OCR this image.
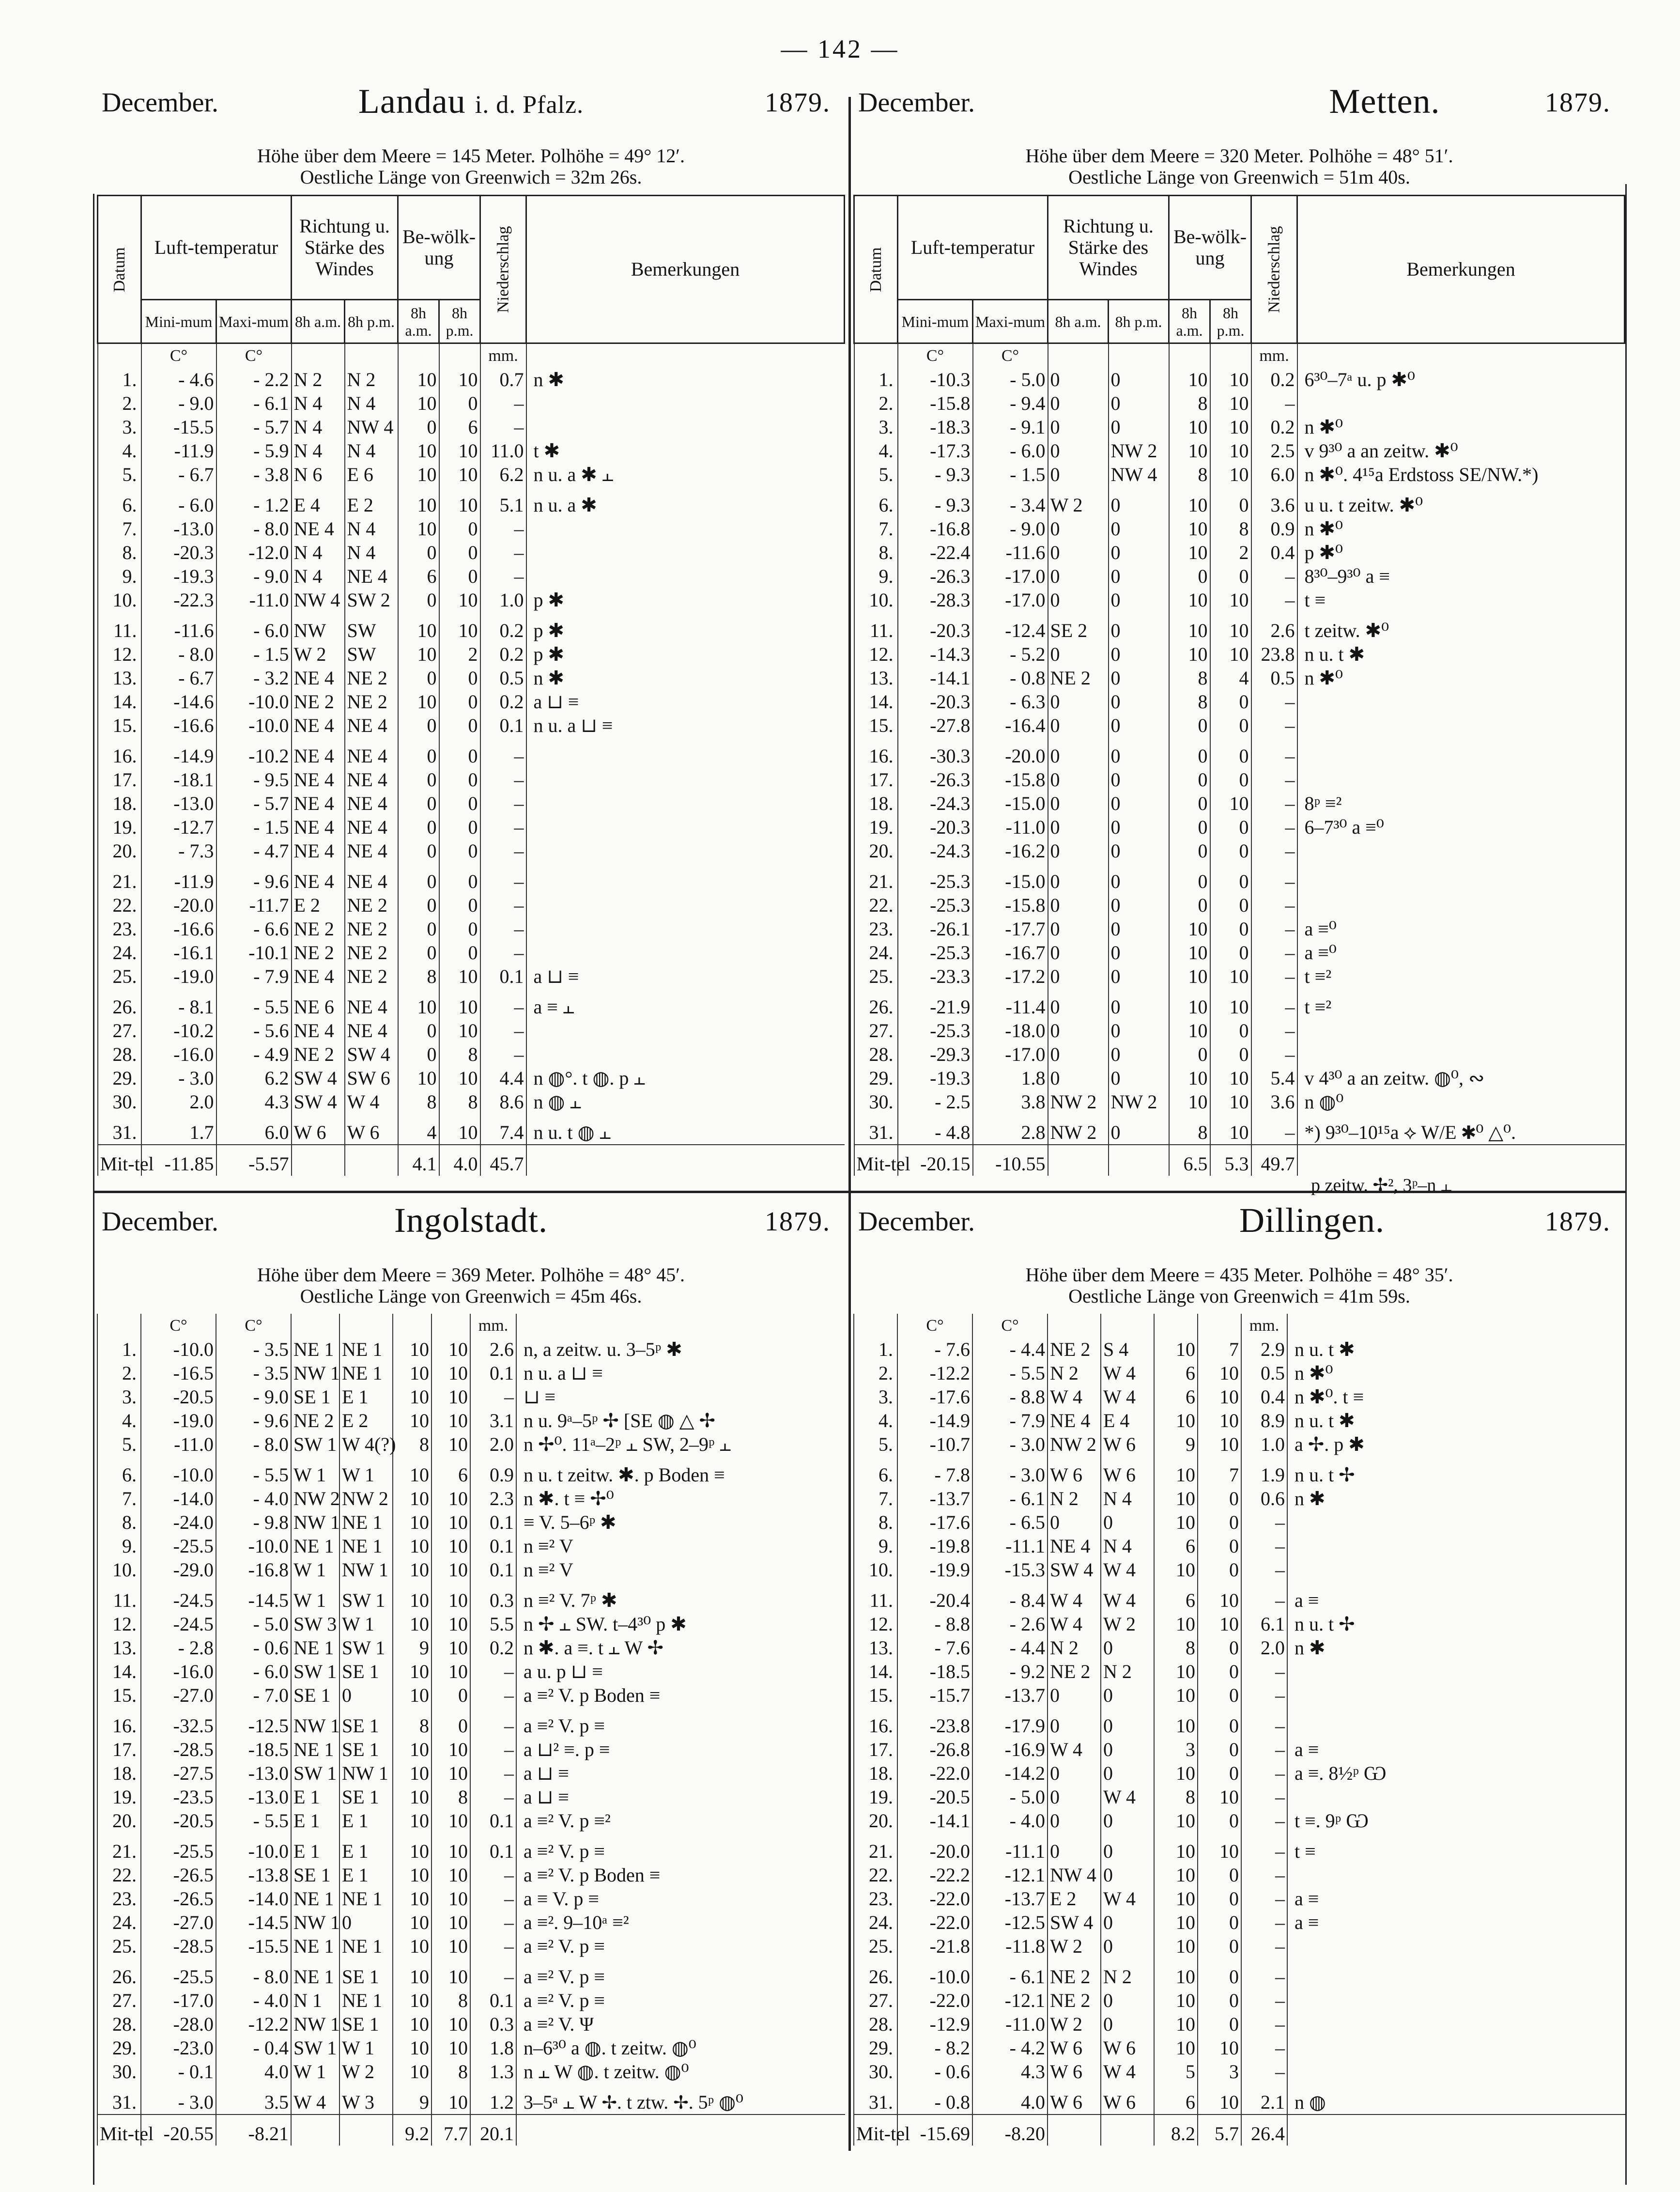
— 142 —
December.	Landau i. d. Pfalz.	1879.
Höhe über dem Meere = 145 Meter. Polhöhe = 49° 12′.
Oestliche Länge von Greenwich = 32m 26s.
Datum	Luft-temperatur		Richtung u. Stärke des Windes		Be-wölk-ung		Niederschlag	Bemerkungen
	Mini-mum	Maxi-mum	8h a.m.	8h p.m.	8h a.m.	8h p.m.		
	C°	C°					mm.	
1.	- 4.6	- 2.2	N 2	N 2	10	10	0.7	n ✱
2.	- 9.0	- 6.1	N 4	N 4	10	0	–	
3.	-15.5	- 5.7	N 4	NW 4	0	6	–	
4.	-11.9	- 5.9	N 4	N 4	10	10	11.0	t ✱
5.	- 6.7	- 3.8	N 6	E 6	10	10	6.2	n u. a ✱ ⫠
6.	- 6.0	- 1.2	E 4	E 2	10	10	5.1	n u. a ✱
7.	-13.0	- 8.0	NE 4	N 4	10	0	–	
8.	-20.3	-12.0	N 4	N 4	0	0	–	
9.	-19.3	- 9.0	N 4	NE 4	6	0	–	
10.	-22.3	-11.0	NW 4	SW 2	0	10	1.0	p ✱
11.	-11.6	- 6.0	NW	SW	10	10	0.2	p ✱
12.	- 8.0	- 1.5	W 2	SW	10	2	0.2	p ✱
13.	- 6.7	- 3.2	NE 4	NE 2	0	0	0.5	n ✱
14.	-14.6	-10.0	NE 2	NE 2	10	0	0.2	a ⊔ ≡
15.	-16.6	-10.0	NE 4	NE 4	0	0	0.1	n u. a ⊔ ≡
16.	-14.9	-10.2	NE 4	NE 4	0	0	–	
17.	-18.1	- 9.5	NE 4	NE 4	0	0	–	
18.	-13.0	- 5.7	NE 4	NE 4	0	0	–	
19.	-12.7	- 1.5	NE 4	NE 4	0	0	–	
20.	- 7.3	- 4.7	NE 4	NE 4	0	0	–	
21.	-11.9	- 9.6	NE 4	NE 4	0	0	–	
22.	-20.0	-11.7	E 2	NE 2	0	0	–	
23.	-16.6	- 6.6	NE 2	NE 2	0	0	–	
24.	-16.1	-10.1	NE 2	NE 2	0	0	–	
25.	-19.0	- 7.9	NE 4	NE 2	8	10	0.1	a ⊔ ≡
26.	- 8.1	- 5.5	NE 6	NE 4	10	10	–	a ≡ ⫠
27.	-10.2	- 5.6	NE 4	NE 4	0	10	–	
28.	-16.0	- 4.9	NE 2	SW 4	0	8	–	
29.	- 3.0	6.2	SW 4	SW 6	10	10	4.4	n ◍°. t ◍. p ⫠
30.	2.0	4.3	SW 4	W 4	8	8	8.6	n ◍ ⫠
31.	1.7	6.0	W 6	W 6	4	10	7.4	n u. t ◍ ⫠
Mit-tel	-11.85	-5.57			4.1	4.0	45.7	
December.	Metten.	1879.
Höhe über dem Meere = 320 Meter. Polhöhe = 48° 51′.
Oestliche Länge von Greenwich = 51m 40s.
Datum	Luft-temperatur		Richtung u. Stärke des Windes		Be-wölk-ung		Niederschlag	Bemerkungen
	Mini-mum	Maxi-mum	8h a.m.	8h p.m.	8h a.m.	8h p.m.		
	C°	C°					mm.	
1.	-10.3	- 5.0	0	0	10	10	0.2	6³⁰–7ᵃ u. p ✱⁰
2.	-15.8	- 9.4	0	0	8	10	–	
3.	-18.3	- 9.1	0	0	10	10	0.2	n ✱⁰
4.	-17.3	- 6.0	0	NW 2	10	10	2.5	v 9³⁰ a an zeitw. ✱⁰
5.	- 9.3	- 1.5	0	NW 4	8	10	6.0	n ✱⁰. 4¹⁵a Erdstoss SE/NW.*)
6.	- 9.3	- 3.4	W 2	0	10	0	3.6	u u. t zeitw. ✱⁰
7.	-16.8	- 9.0	0	0	10	8	0.9	n ✱⁰
8.	-22.4	-11.6	0	0	10	2	0.4	p ✱⁰
9.	-26.3	-17.0	0	0	0	0	–	8³⁰–9³⁰ a ≡
10.	-28.3	-17.0	0	0	10	10	–	t ≡
11.	-20.3	-12.4	SE 2	0	10	10	2.6	t zeitw. ✱⁰
12.	-14.3	- 5.2	0	0	10	10	23.8	n u. t ✱
13.	-14.1	- 0.8	NE 2	0	8	4	0.5	n ✱⁰
14.	-20.3	- 6.3	0	0	8	0	–	
15.	-27.8	-16.4	0	0	0	0	–	
16.	-30.3	-20.0	0	0	0	0	–	
17.	-26.3	-15.8	0	0	0	0	–	
18.	-24.3	-15.0	0	0	0	10	–	8ᵖ ≡²
19.	-20.3	-11.0	0	0	0	0	–	6–7³⁰ a ≡⁰
20.	-24.3	-16.2	0	0	0	0	–	
21.	-25.3	-15.0	0	0	0	0	–	
22.	-25.3	-15.8	0	0	0	0	–	
23.	-26.1	-17.7	0	0	10	0	–	a ≡⁰
24.	-25.3	-16.7	0	0	10	0	–	a ≡⁰
25.	-23.3	-17.2	0	0	10	10	–	t ≡²
26.	-21.9	-11.4	0	0	10	10	–	t ≡²
27.	-25.3	-18.0	0	0	10	0	–	
28.	-29.3	-17.0	0	0	0	0	–	
29.	-19.3	1.8	0	0	10	10	5.4	v 4³⁰ a an zeitw. ◍⁰, ∾
30.	- 2.5	3.8	NW 2	NW 2	10	10	3.6	n ◍⁰
31.	- 4.8	2.8	NW 2	0	8	10	–	*) 9³⁰–10¹⁵a ⟡ W/E ✱⁰ △⁰.
Mit-tel	-20.15	-10.55			6.5	5.3	49.7	
p zeitw. ✢², 3ᵖ–n ⫠
December.	Ingolstadt.	1879.
Höhe über dem Meere = 369 Meter. Polhöhe = 48° 45′.
Oestliche Länge von Greenwich = 45m 46s.
	C°	C°					mm.	
1.	-10.0	- 3.5	NE 1	NE 1	10	10	2.6	n, a zeitw. u. 3–5ᵖ ✱
2.	-16.5	- 3.5	NW 1	NE 1	10	10	0.1	n u. a ⊔ ≡
3.	-20.5	- 9.0	SE 1	E 1	10	10	–	⊔ ≡
4.	-19.0	- 9.6	NE 2	E 2	10	10	3.1	n u. 9ᵃ–5ᵖ ✢ [SE ◍ △ ✢
5.	-11.0	- 8.0	SW 1	W 4(?)	8	10	2.0	n ✢⁰. 11ᵃ–2ᵖ ⫠ SW, 2–9ᵖ ⫠
6.	-10.0	- 5.5	W 1	W 1	10	6	0.9	n u. t zeitw. ✱. p Boden ≡
7.	-14.0	- 4.0	NW 2	NW 2	10	10	2.3	n ✱. t ≡ ✢⁰
8.	-24.0	- 9.8	NW 1	NE 1	10	10	0.1	≡ V. 5–6ᵖ ✱
9.	-25.5	-10.0	NE 1	NE 1	10	10	0.1	n ≡² V
10.	-29.0	-16.8	W 1	NW 1	10	10	0.1	n ≡² V
11.	-24.5	-14.5	W 1	SW 1	10	10	0.3	n ≡² V. 7ᵖ ✱
12.	-24.5	- 5.0	SW 3	W 1	10	10	5.5	n ✢ ⫠ SW. t–4³⁰ p ✱
13.	- 2.8	- 0.6	NE 1	SW 1	9	10	0.2	n ✱. a ≡. t ⫠ W ✢
14.	-16.0	- 6.0	SW 1	SE 1	10	10	–	a u. p ⊔ ≡
15.	-27.0	- 7.0	SE 1	0	10	0	–	a ≡² V. p Boden ≡
16.	-32.5	-12.5	NW 1	SE 1	8	0	–	a ≡² V. p ≡
17.	-28.5	-18.5	NE 1	SE 1	10	10	–	a ⊔² ≡. p ≡
18.	-27.5	-13.0	SW 1	NW 1	10	10	–	a ⊔ ≡
19.	-23.5	-13.0	E 1	SE 1	10	8	–	a ⊔ ≡
20.	-20.5	- 5.5	E 1	E 1	10	10	0.1	a ≡² V. p ≡²
21.	-25.5	-10.0	E 1	E 1	10	10	0.1	a ≡² V. p ≡
22.	-26.5	-13.8	SE 1	E 1	10	10	–	a ≡² V. p Boden ≡
23.	-26.5	-14.0	NE 1	NE 1	10	10	–	a ≡ V. p ≡
24.	-27.0	-14.5	NW 1	0	10	10	–	a ≡². 9–10ᵃ ≡²
25.	-28.5	-15.5	NE 1	NE 1	10	10	–	a ≡² V. p ≡
26.	-25.5	- 8.0	NE 1	SE 1	10	10	–	a ≡² V. p ≡
27.	-17.0	- 4.0	N 1	NE 1	10	8	0.1	a ≡² V. p ≡
28.	-28.0	-12.2	NW 1	SE 1	10	10	0.3	a ≡² V. Ψ
29.	-23.0	- 0.4	SW 1	W 1	10	10	1.8	n–6³⁰ a ◍. t zeitw. ◍⁰
30.	- 0.1	4.0	W 1	W 2	10	8	1.3	n ⫠ W ◍. t zeitw. ◍⁰
31.	- 3.0	3.5	W 4	W 3	9	10	1.2	3–5ᵃ ⫠ W ✢. t ztw. ✢. 5ᵖ ◍⁰
Mit-tel	-20.55	-8.21			9.2	7.7	20.1	
December.	Dillingen.	1879.
Höhe über dem Meere = 435 Meter. Polhöhe = 48° 35′.
Oestliche Länge von Greenwich = 41m 59s.
	C°	C°					mm.	
1.	- 7.6	- 4.4	NE 2	S 4	10	7	2.9	n u. t ✱
2.	-12.2	- 5.5	N 2	W 4	6	10	0.5	n ✱⁰
3.	-17.6	- 8.8	W 4	W 4	6	10	0.4	n ✱⁰. t ≡
4.	-14.9	- 7.9	NE 4	E 4	10	10	8.9	n u. t ✱
5.	-10.7	- 3.0	NW 2	W 6	9	10	1.0	a ✢. p ✱
6.	- 7.8	- 3.0	W 6	W 6	10	7	1.9	n u. t ✢
7.	-13.7	- 6.1	N 2	N 4	10	0	0.6	n ✱
8.	-17.6	- 6.5	0	0	10	0	–	
9.	-19.8	-11.1	NE 4	N 4	6	0	–	
10.	-19.9	-15.3	SW 4	W 4	10	0	–	
11.	-20.4	- 8.4	W 4	W 4	6	10	–	a ≡
12.	- 8.8	- 2.6	W 4	W 2	10	10	6.1	n u. t ✢
13.	- 7.6	- 4.4	N 2	0	8	0	2.0	n ✱
14.	-18.5	- 9.2	NE 2	N 2	10	0	–	
15.	-15.7	-13.7	0	0	10	0	–	
16.	-23.8	-17.9	0	0	10	0	–	
17.	-26.8	-16.9	W 4	0	3	0	–	a ≡
18.	-22.0	-14.2	0	0	10	0	–	a ≡. 8½ᵖ Ѡ
19.	-20.5	- 5.0	0	W 4	8	10	–	
20.	-14.1	- 4.0	0	0	10	0	–	t ≡. 9ᵖ Ѡ
21.	-20.0	-11.1	0	0	10	10	–	t ≡
22.	-22.2	-12.1	NW 4	0	10	0	–	
23.	-22.0	-13.7	E 2	W 4	10	0	–	a ≡
24.	-22.0	-12.5	SW 4	0	10	0	–	a ≡
25.	-21.8	-11.8	W 2	0	10	0	–	
26.	-10.0	- 6.1	NE 2	N 2	10	0	–	
27.	-22.0	-12.1	NE 2	0	10	0	–	
28.	-12.9	-11.0	W 2	0	10	0	–	
29.	- 8.2	- 4.2	W 6	W 6	10	10	–	
30.	- 0.6	4.3	W 6	W 4	5	3	–	
31.	- 0.8	4.0	W 6	W 6	6	10	2.1	n ◍
Mit-tel	-15.69	-8.20			8.2	5.7	26.4	
